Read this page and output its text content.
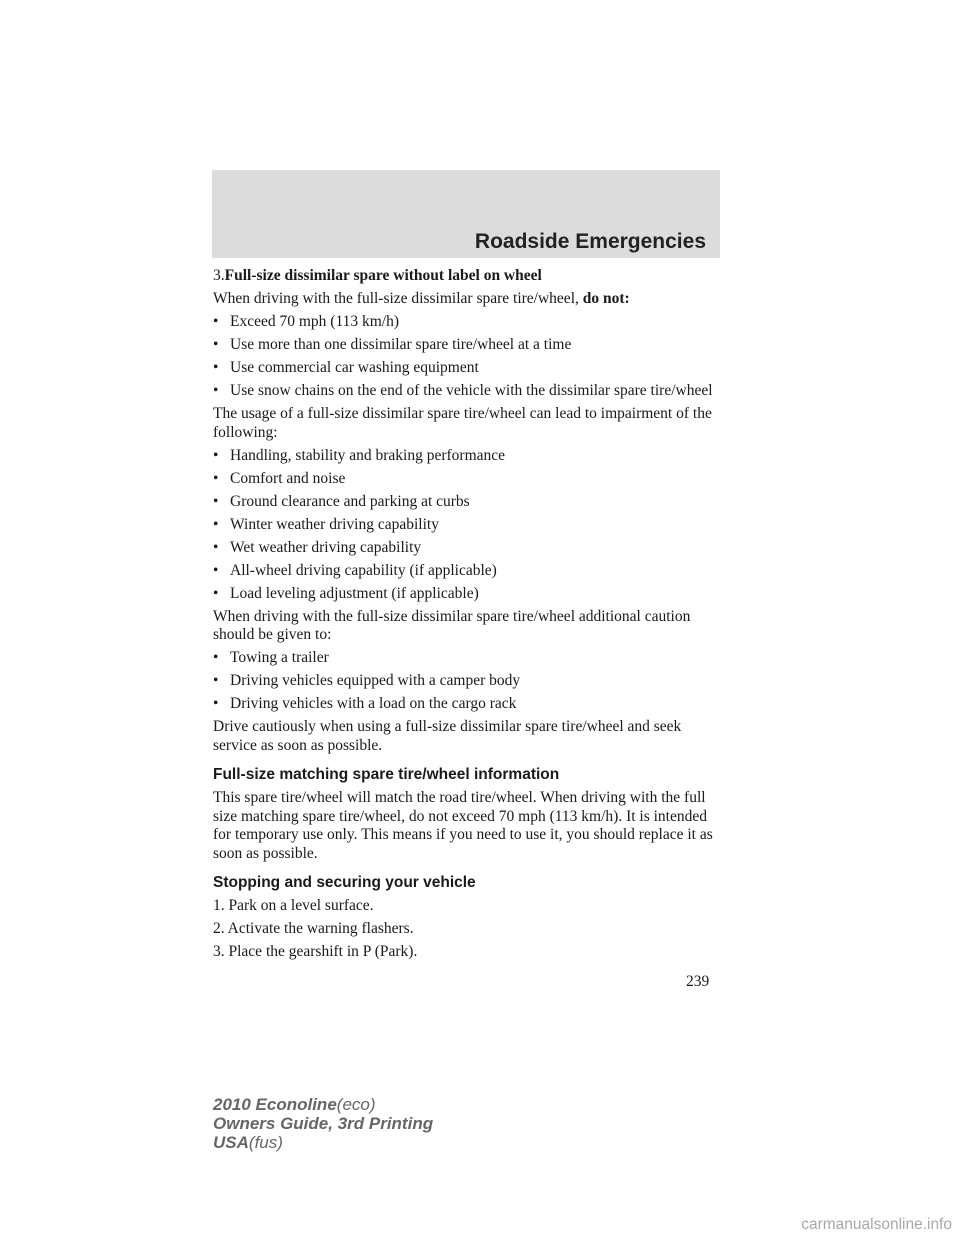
Roadside Emergencies

3.Full-size dissimilar spare without label on wheel

When driving with the full-size dissimilar spare tire/wheel, do not:

• Exceed 70 mph (113 km/h)
• Use more than one dissimilar spare tire/wheel at a time
• Use commercial car washing equipment
• Use snow chains on the end of the vehicle with the dissimilar spare tire/wheel

The usage of a full-size dissimilar spare tire/wheel can lead to impairment of the following:

• Handling, stability and braking performance
• Comfort and noise
• Ground clearance and parking at curbs
• Winter weather driving capability
• Wet weather driving capability
• All-wheel driving capability (if applicable)
• Load leveling adjustment (if applicable)

When driving with the full-size dissimilar spare tire/wheel additional caution should be given to:

• Towing a trailer
• Driving vehicles equipped with a camper body
• Driving vehicles with a load on the cargo rack

Drive cautiously when using a full-size dissimilar spare tire/wheel and seek service as soon as possible.

Full-size matching spare tire/wheel information

This spare tire/wheel will match the road tire/wheel. When driving with the full size matching spare tire/wheel, do not exceed 70 mph (113 km/h). It is intended for temporary use only. This means if you need to use it, you should replace it as soon as possible.

Stopping and securing your vehicle

1. Park on a level surface.

2. Activate the warning flashers.

3. Place the gearshift in P (Park).

239
2010 Econoline(eco)
Owners Guide, 3rd Printing
USA(fus)
carmanualsonline.info
